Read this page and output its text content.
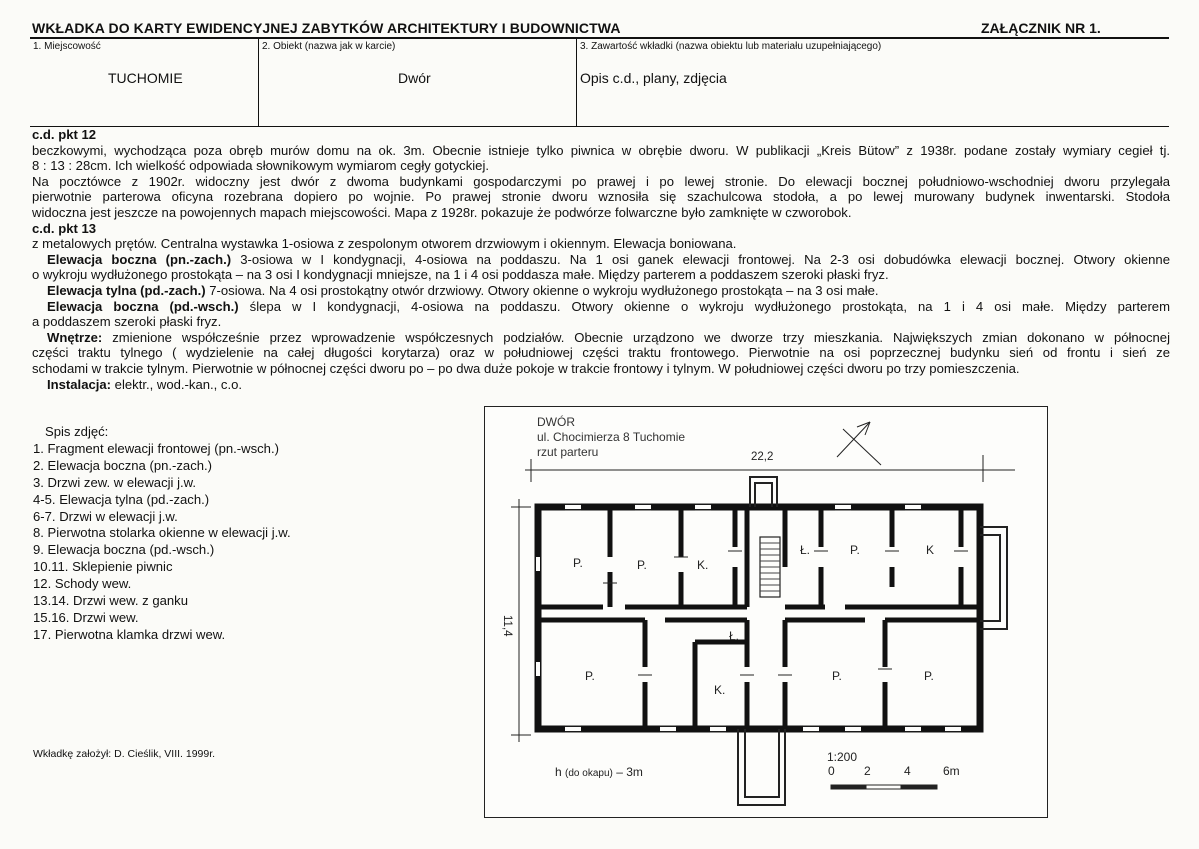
WKŁADKA DO KARTY EWIDENCYJNEJ ZABYTKÓW ARCHITEKTURY I BUDOWNICTWA	ZAŁĄCZNIK NR 1.
1. Miejscowość
TUCHOMIE
2. Obiekt (nazwa jak w karcie)
Dwór
3. Zawartość wkładki (nazwa obiektu lub materiału uzupełniającego)
Opis c.d., plany, zdjęcia

c.d. pkt 12

beczkowymi, wychodząca poza obręb murów domu na ok. 3m. Obecnie istnieje tylko piwnica w obrębie dworu. W publikacji „Kreis Bütow” z 1938r. podane zostały wymiary cegieł tj.

8 : 13 : 28cm. Ich wielkość odpowiada słownikowym wymiarom cegły gotyckiej.

Na pocztówce z 1902r. widoczny jest dwór z dwoma budynkami gospodarczymi po prawej i po lewej stronie. Do elewacji bocznej południowo-wschodniej dworu przylegała

pierwotnie parterowa oficyna rozebrana dopiero po wojnie. Po prawej stronie dworu wznosiła się szachulcowa stodoła, a po lewej murowany budynek inwentarski. Stodoła

widoczna jest jeszcze na powojennych mapach miejscowości. Mapa z 1928r. pokazuje że podwórze folwarczne było zamknięte w czworobok.

c.d. pkt 13

z metalowych prętów. Centralna wystawka 1-osiowa z zespolonym otworem drzwiowym i okiennym. Elewacja boniowana.

Elewacja boczna (pn.-zach.) 3-osiowa w I kondygnacji, 4-osiowa na poddaszu. Na 1 osi ganek elewacji frontowej. Na 2-3 osi dobudówka elewacji bocznej. Otwory okienne

o wykroju wydłużonego prostokąta – na 3 osi I kondygnacji mniejsze, na 1 i 4 osi poddasza małe. Między parterem a poddaszem szeroki płaski fryz.

Elewacja tylna (pd.-zach.) 7-osiowa. Na 4 osi prostokątny otwór drzwiowy. Otwory okienne o wykroju wydłużonego prostokąta – na 3 osi małe.

Elewacja boczna (pd.-wsch.) ślepa w I kondygnacji, 4-osiowa na poddaszu. Otwory okienne o wykroju wydłużonego prostokąta, na 1 i 4 osi małe. Między parterem

a poddaszem szeroki płaski fryz.

Wnętrze: zmienione współcześnie przez wprowadzenie współczesnych podziałów. Obecnie urządzono we dworze trzy mieszkania. Największych zmian dokonano w północnej

części traktu tylnego ( wydzielenie na całej długości korytarza) oraz w południowej części traktu frontowego. Pierwotnie na osi poprzecznej budynku sień od frontu i sień ze

schodami w trakcie tylnym. Pierwotnie w północnej części dworu po – po dwa duże pokoje w trakcie frontowy i tylnym. W południowej części dworu po trzy pomieszczenia.

Instalacja: elektr., wod.-kan., c.o.

Spis zdjęć:
1. Fragment elewacji frontowej (pn.-wsch.)
2. Elewacja boczna (pn.-zach.)
3. Drzwi zew. w elewacji j.w.
4-5. Elewacja tylna (pd.-zach.)
6-7. Drzwi w elewacji j.w.
8. Pierwotna stolarka okienne w elewacji j.w.
9. Elewacja boczna (pd.-wsch.)
10.11. Sklepienie piwnic
12. Schody wew.
13.14. Drzwi wew. z ganku
15.16. Drzwi wew.
17. Pierwotna klamka drzwi wew.
Wkładkę założył: D. Cieślik, VIII. 1999r.
DWÓR
ul. Chocimierza 8 Tuchomie
rzut parteru	22,2
11,4
P.	P.	K.
Ł.	P.	K
Ł.
P.
K.
P.	P.
h (do okapu) – 3m
1:200
0 2	4	6m
